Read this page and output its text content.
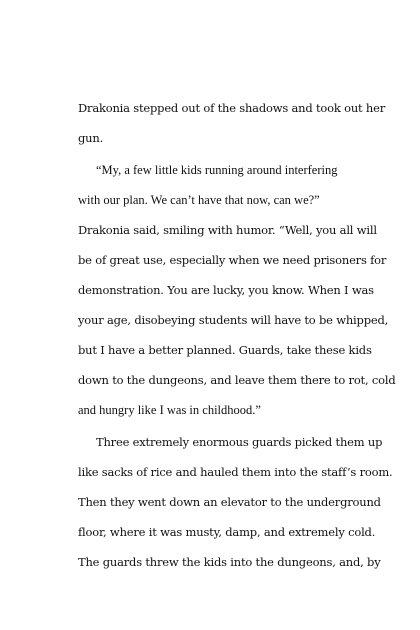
Drakonia stepped out of the shadows and took out her
gun.
“My, a few little kids running around interfering
with our plan. We can’t have that now, can we?”
Drakonia said, smiling with humor. “Well, you all will
be of great use, especially when we need prisoners for
demonstration. You are lucky, you know. When I was
your age, disobeying students will have to be whipped,
but I have a better planned. Guards, take these kids
down to the dungeons, and leave them there to rot, cold
and hungry like I was in childhood.”
Three extremely enormous guards picked them up
like sacks of rice and hauled them into the staff’s room.
Then they went down an elevator to the underground
floor, where it was musty, damp, and extremely cold.
The guards threw the kids into the dungeons, and, by
